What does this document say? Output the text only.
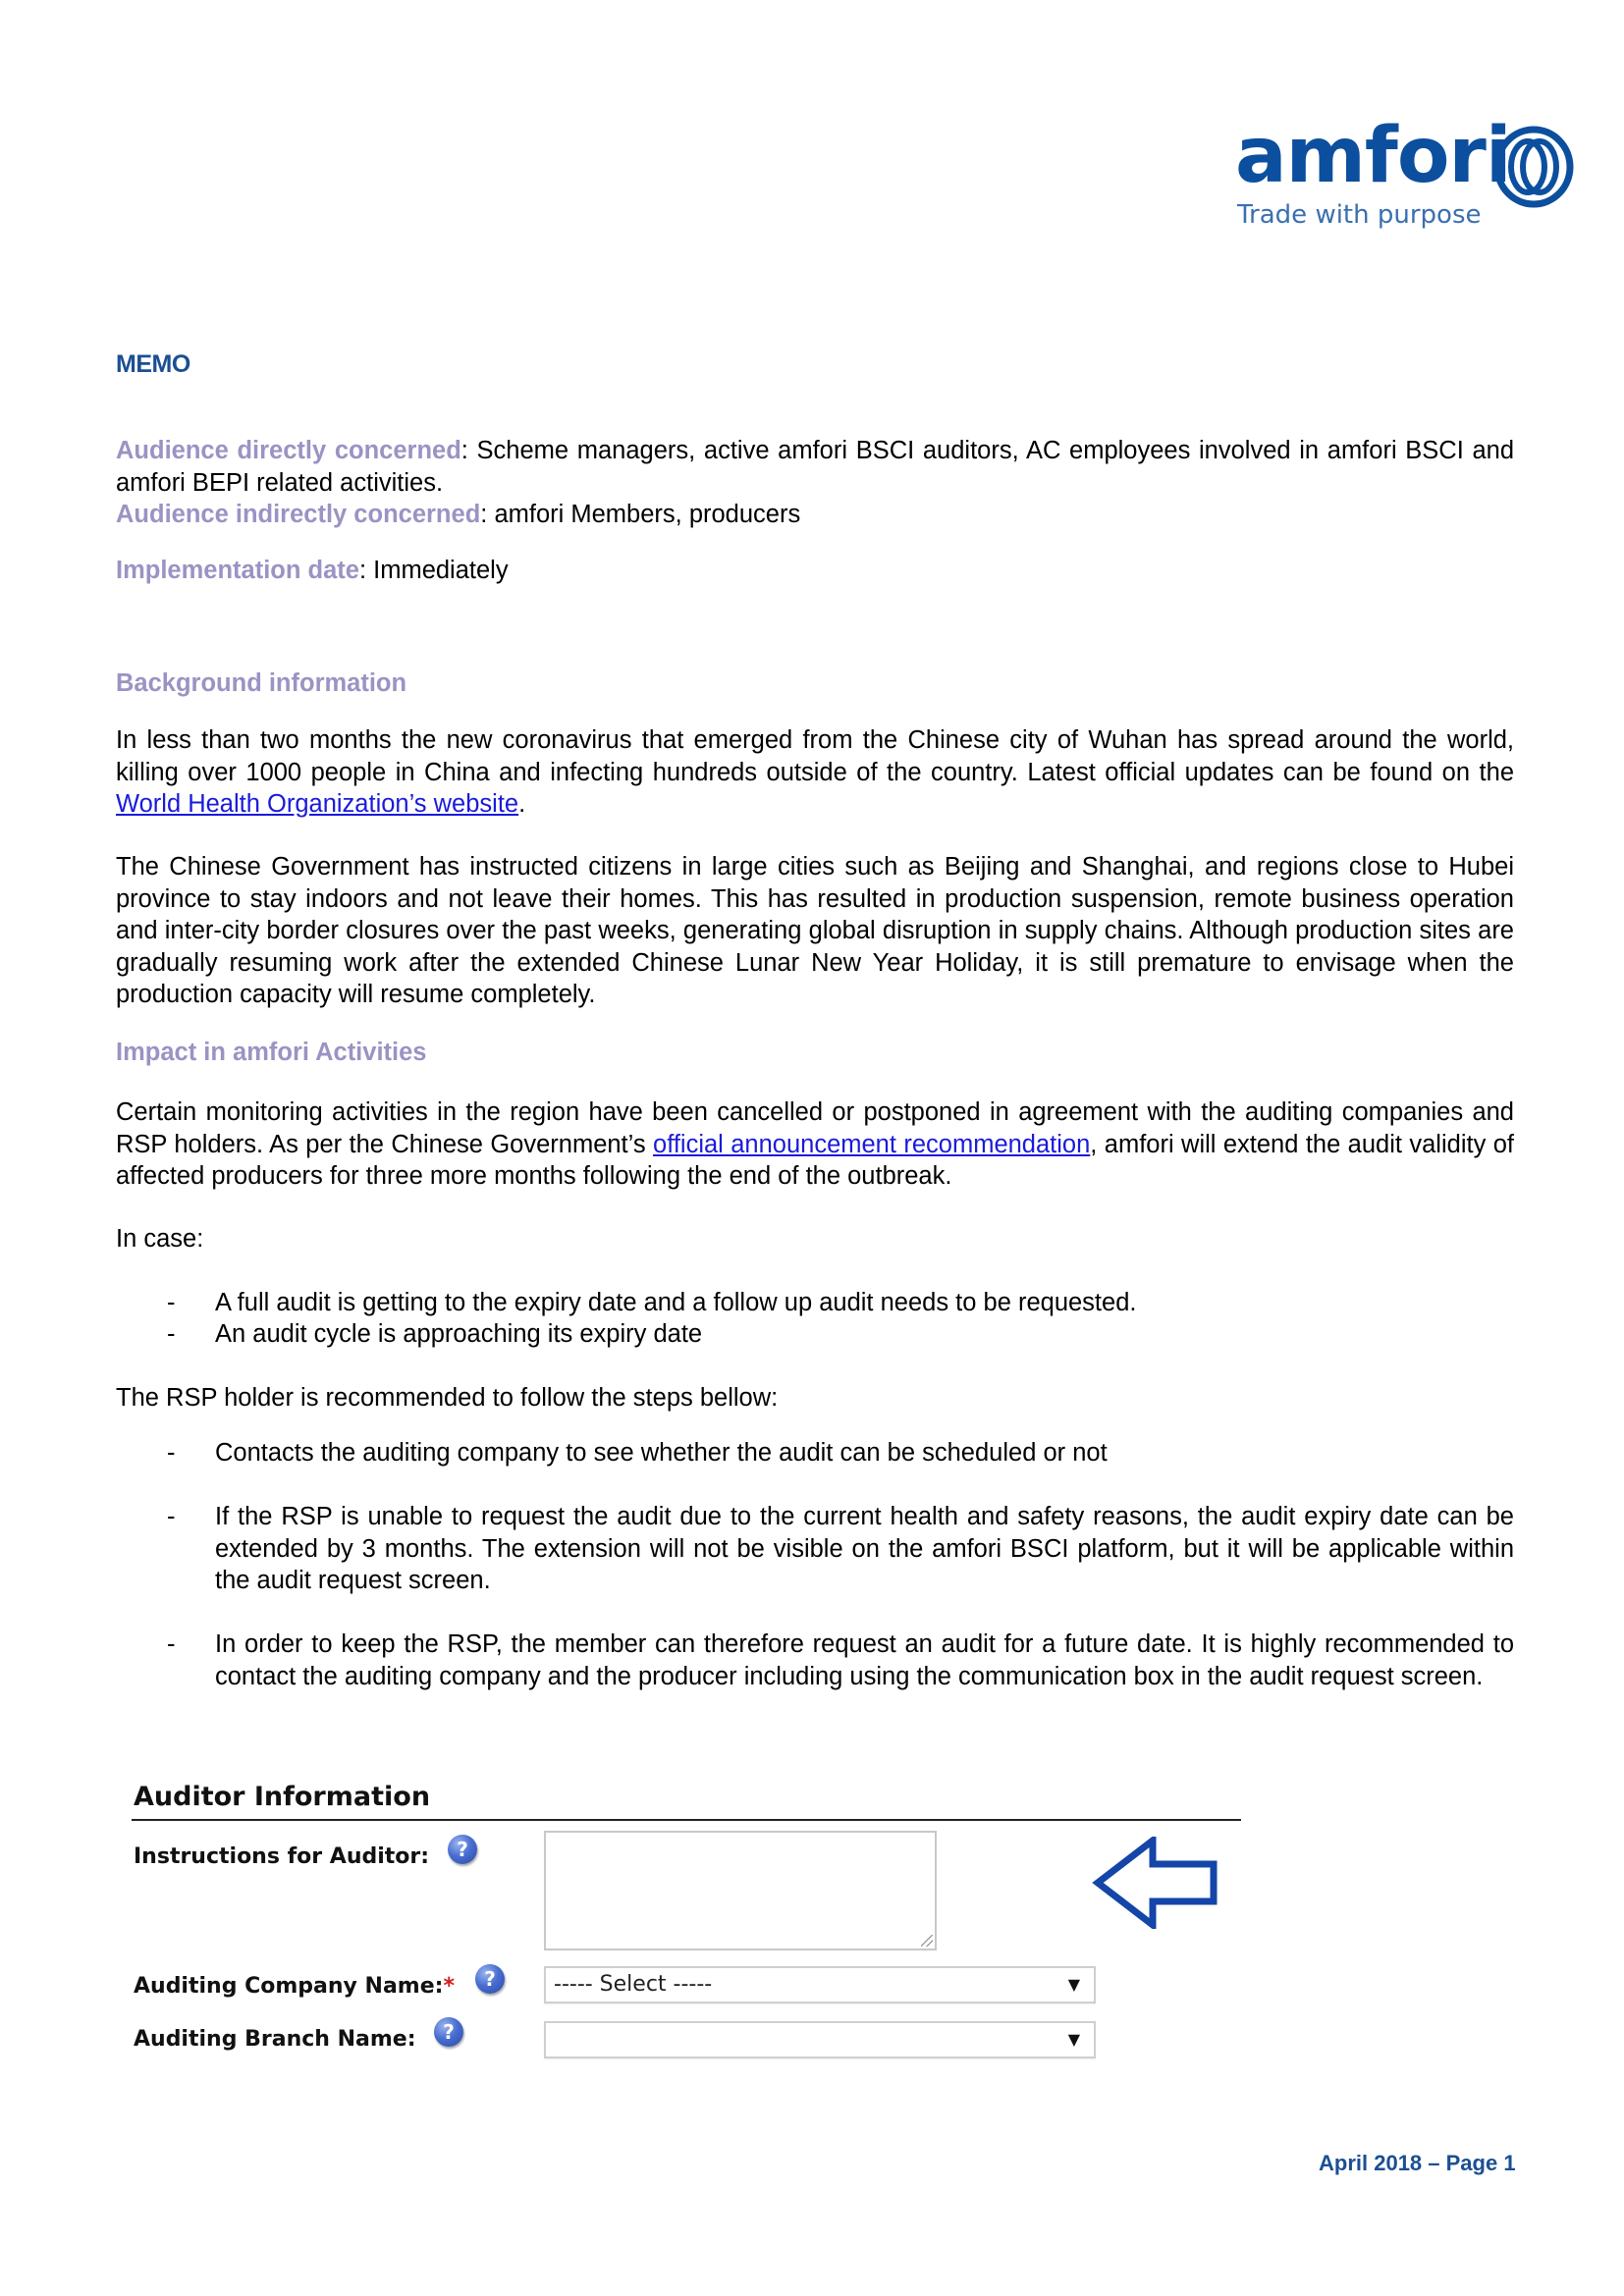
amfori
Trade with purpose
MEMO
Audience directly concerned: Scheme managers, active amfori BSCI auditors, AC employees involved in amfori BSCI and amfori BEPI related activities.
Audience indirectly concerned: amfori Members, producers
Implementation date: Immediately
Background information
In less than two months the new coronavirus that emerged from the Chinese city of Wuhan has spread around the world, killing over 1000 people in China and infecting hundreds outside of the country. Latest official updates can be found on the World Health Organization’s website.
The Chinese Government has instructed citizens in large cities such as Beijing and Shanghai, and regions close to Hubei province to stay indoors and not leave their homes. This has resulted in production suspension, remote business operation and inter-city border closures over the past weeks, generating global disruption in supply chains. Although production sites are gradually resuming work after the extended Chinese Lunar New Year Holiday, it is still premature to envisage when the production capacity will resume completely.
Impact in amfori Activities
Certain monitoring activities in the region have been cancelled or postponed in agreement with the auditing companies and RSP holders. As per the Chinese Government’s official announcement recommendation, amfori will extend the audit validity of affected producers for three more months following the end of the outbreak.
In case:
- A full audit is getting to the expiry date and a follow up audit needs to be requested.
- An audit cycle is approaching its expiry date
The RSP holder is recommended to follow the steps bellow:
- Contacts the auditing company to see whether the audit can be scheduled or not
- If the RSP is unable to request the audit due to the current health and safety reasons, the audit expiry date can be extended by 3 months. The extension will not be visible on the amfori BSCI platform, but it will be applicable within the audit request screen.
- In order to keep the RSP, the member can therefore request an audit for a future date. It is highly recommended to contact the auditing company and the producer including using the communication box in the audit request screen.
Auditor Information
Instructions for Auditor:	?
Auditing Company Name:*	?	----- Select -----	▼
Auditing Branch Name:	?	▼
April 2018 – Page 1
